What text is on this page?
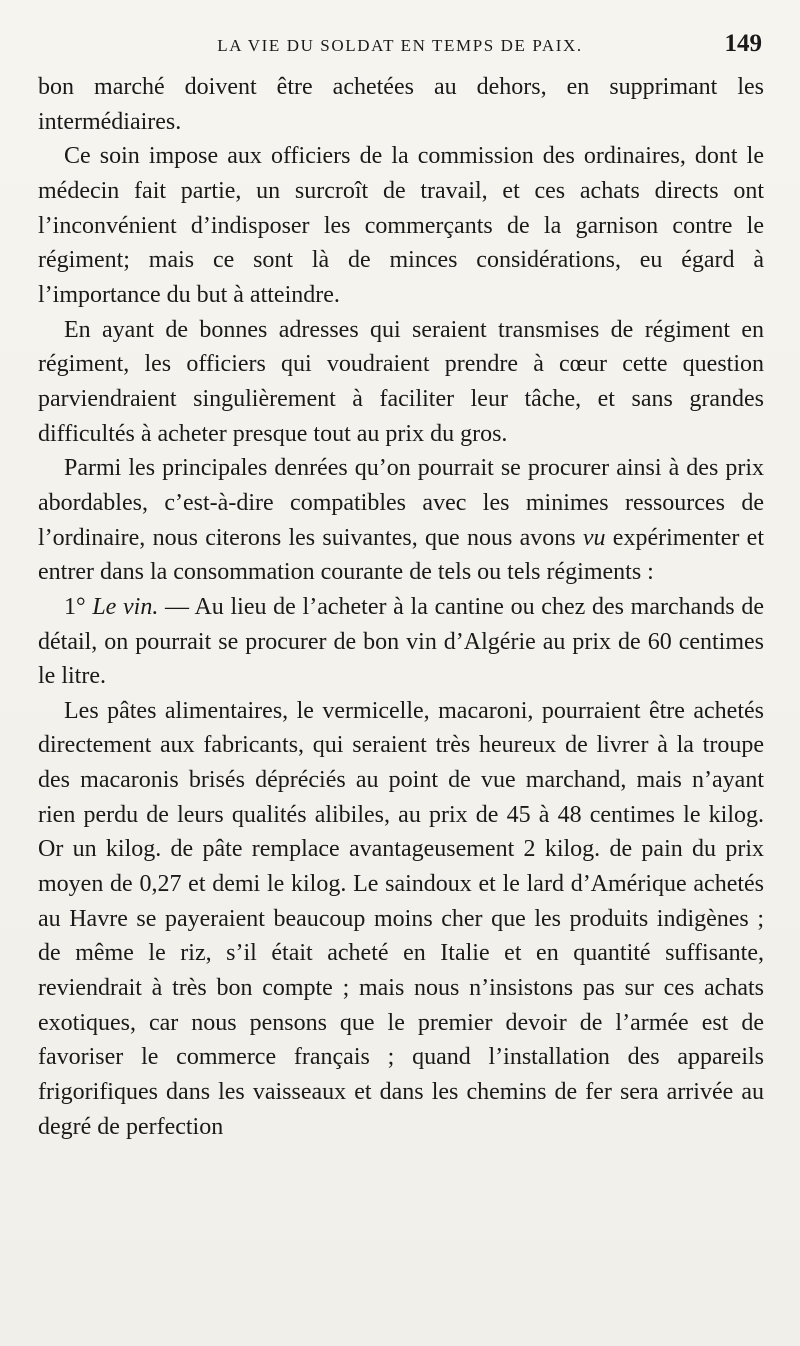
LA VIE DU SOLDAT EN TEMPS DE PAIX.	149

bon marché doivent être achetées au dehors, en supprimant les intermédiaires.

Ce soin impose aux officiers de la commission des ordinaires, dont le médecin fait partie, un surcroît de travail, et ces achats directs ont l’inconvénient d’indisposer les commerçants de la garnison contre le régiment; mais ce sont là de minces considérations, eu égard à l’importance du but à atteindre.

En ayant de bonnes adresses qui seraient transmises de régiment en régiment, les officiers qui voudraient prendre à cœur cette question parviendraient singulièrement à faciliter leur tâche, et sans grandes difficultés à acheter presque tout au prix du gros.

Parmi les principales denrées qu’on pourrait se procurer ainsi à des prix abordables, c’est-à-dire compatibles avec les minimes ressources de l’ordinaire, nous citerons les suivantes, que nous avons vu expérimenter et entrer dans la consommation courante de tels ou tels régiments :

1° Le vin. — Au lieu de l’acheter à la cantine ou chez des marchands de détail, on pourrait se procurer de bon vin d’Algérie au prix de 60 centimes le litre.

Les pâtes alimentaires, le vermicelle, macaroni, pourraient être achetés directement aux fabricants, qui seraient très heureux de livrer à la troupe des macaronis brisés dépréciés au point de vue marchand, mais n’ayant rien perdu de leurs qualités alibiles, au prix de 45 à 48 centimes le kilog. Or un kilog. de pâte remplace avantageusement 2 kilog. de pain du prix moyen de 0,27 et demi le kilog. Le saindoux et le lard d’Amérique achetés au Havre se payeraient beaucoup moins cher que les produits indigènes ; de même le riz, s’il était acheté en Italie et en quantité suffisante, reviendrait à très bon compte ; mais nous n’insistons pas sur ces achats exotiques, car nous pensons que le premier devoir de l’armée est de favoriser le commerce français ; quand l’installation des appareils frigorifiques dans les vaisseaux et dans les chemins de fer sera arrivée au degré de perfection
